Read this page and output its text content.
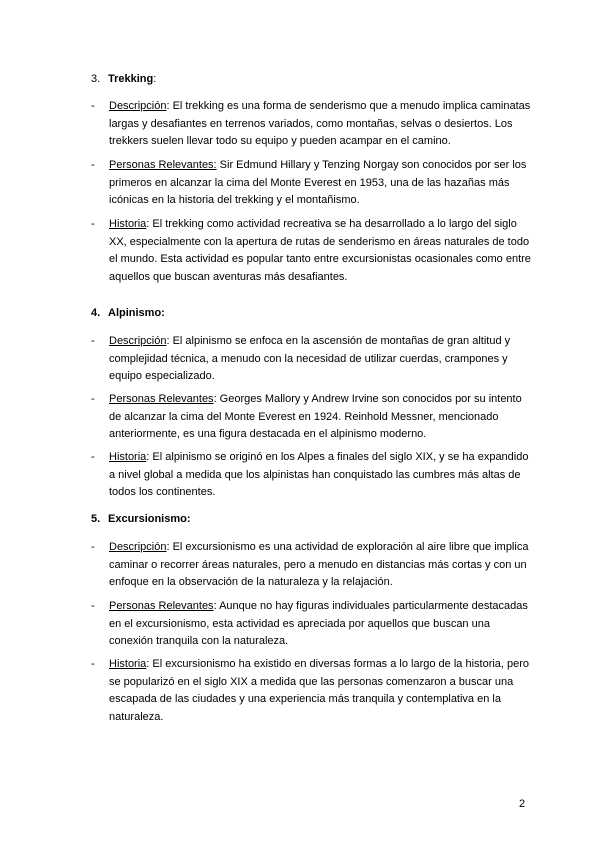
3. Trekking:
- Descripción: El trekking es una forma de senderismo que a menudo implica caminatas largas y desafiantes en terrenos variados, como montañas, selvas o desiertos. Los trekkers suelen llevar todo su equipo y pueden acampar en el camino.
- Personas Relevantes: Sir Edmund Hillary y Tenzing Norgay son conocidos por ser los primeros en alcanzar la cima del Monte Everest en 1953, una de las hazañas más icónicas en la historia del trekking y el montañismo.
- Historia: El trekking como actividad recreativa se ha desarrollado a lo largo del siglo XX, especialmente con la apertura de rutas de senderismo en áreas naturales de todo el mundo. Esta actividad es popular tanto entre excursionistas ocasionales como entre aquellos que buscan aventuras más desafiantes.
4. Alpinismo:
- Descripción: El alpinismo se enfoca en la ascensión de montañas de gran altitud y complejidad técnica, a menudo con la necesidad de utilizar cuerdas, crampones y equipo especializado.
- Personas Relevantes: Georges Mallory y Andrew Irvine son conocidos por su intento de alcanzar la cima del Monte Everest en 1924. Reinhold Messner, mencionado anteriormente, es una figura destacada en el alpinismo moderno.
- Historia: El alpinismo se originó en los Alpes a finales del siglo XIX, y se ha expandido a nivel global a medida que los alpinistas han conquistado las cumbres más altas de todos los continentes.
5. Excursionismo:
- Descripción: El excursionismo es una actividad de exploración al aire libre que implica caminar o recorrer áreas naturales, pero a menudo en distancias más cortas y con un enfoque en la observación de la naturaleza y la relajación.
- Personas Relevantes: Aunque no hay figuras individuales particularmente destacadas en el excursionismo, esta actividad es apreciada por aquellos que buscan una conexión tranquila con la naturaleza.
- Historia: El excursionismo ha existido en diversas formas a lo largo de la historia, pero se popularizó en el siglo XIX a medida que las personas comenzaron a buscar una escapada de las ciudades y una experiencia más tranquila y contemplativa en la naturaleza.
2
